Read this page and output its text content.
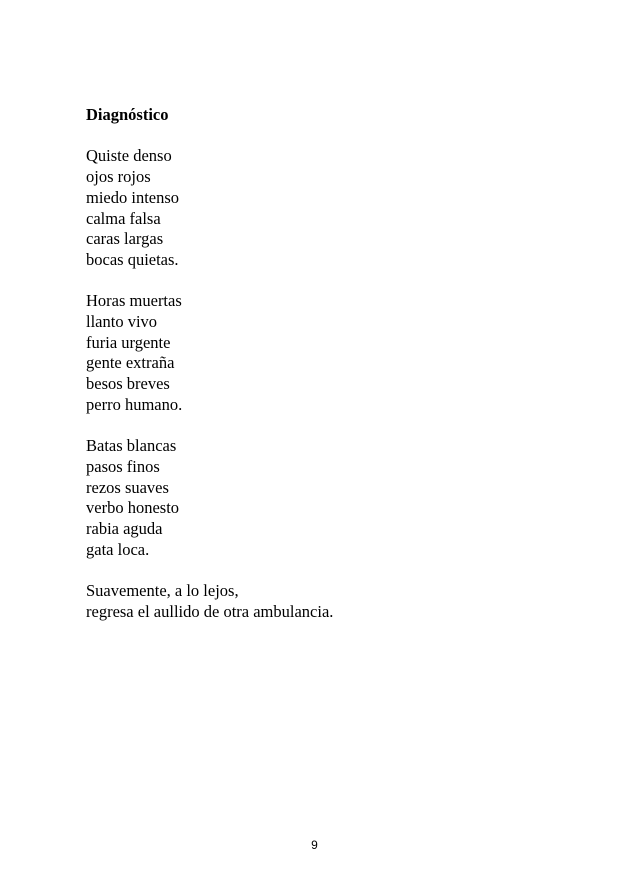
Diagnóstico
Quiste denso
ojos rojos
miedo intenso
calma falsa
caras largas
bocas quietas.
Horas muertas
llanto vivo
furia urgente
gente extraña
besos breves
perro humano.
Batas blancas
pasos finos
rezos suaves
verbo honesto
rabia aguda
gata loca.
Suavemente, a lo lejos,
regresa el aullido de otra ambulancia.
9
